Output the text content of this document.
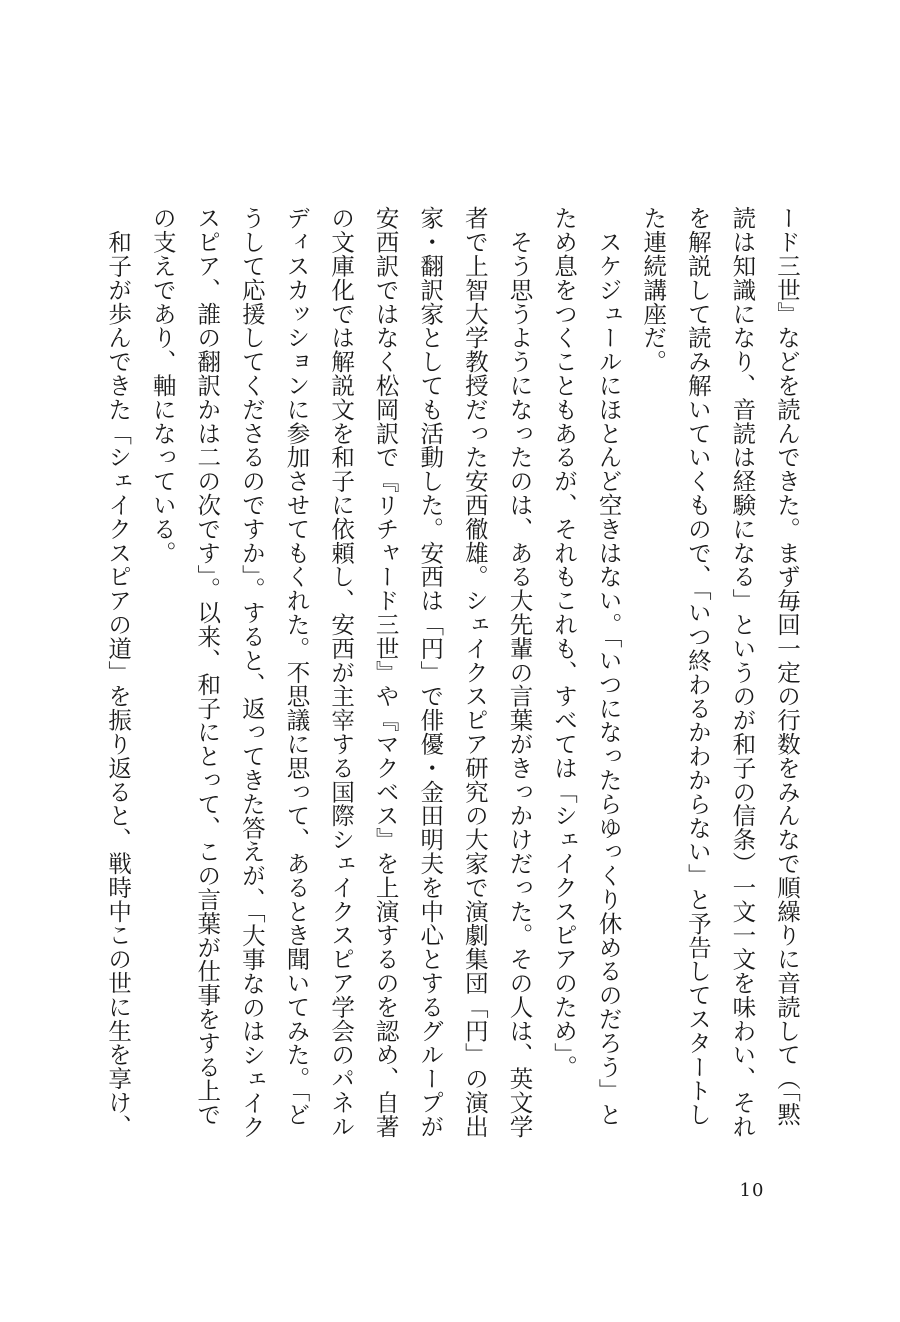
ード三世』などを読んできた。まず毎回一定の行数をみんなで順繰りに音読して（「黙読は知識になり、音読は経験になる」というのが和子の信条）一文一文を味わい、それを解説して読み解いていくもので、「いつ終わるかわからない」と予告してスタートした連続講座だ。

　スケジュールにほとんど空きはない。「いつになったらゆっくり休めるのだろう」とため息をつくこともあるが、それもこれも、すべては「シェイクスピアのため」。

　そう思うようになったのは、ある大先輩の言葉がきっかけだった。その人は、英文学者で上智大学教授だった安西徹雄。シェイクスピア研究の大家で演劇集団「円」の演出家・翻訳家としても活動した。安西は「円」で俳優・金田明夫を中心とするグループが安西訳ではなく松岡訳で『リチャード三世』や『マクベス』を上演するのを認め、自著の文庫化では解説文を和子に依頼し、安西が主宰する国際シェイクスピア学会のパネルディスカッションに参加させてもくれた。不思議に思って、あるとき聞いてみた。「どうして応援してくださるのですか」。すると、返ってきた答えが、「大事なのはシェイクスピア、誰の翻訳かは二の次です」。以来、和子にとって、この言葉が仕事をする上での支えであり、軸になっている。

　和子が歩んできた「シェイクスピアの道」を振り返ると、戦時中この世に生を享け、

10
